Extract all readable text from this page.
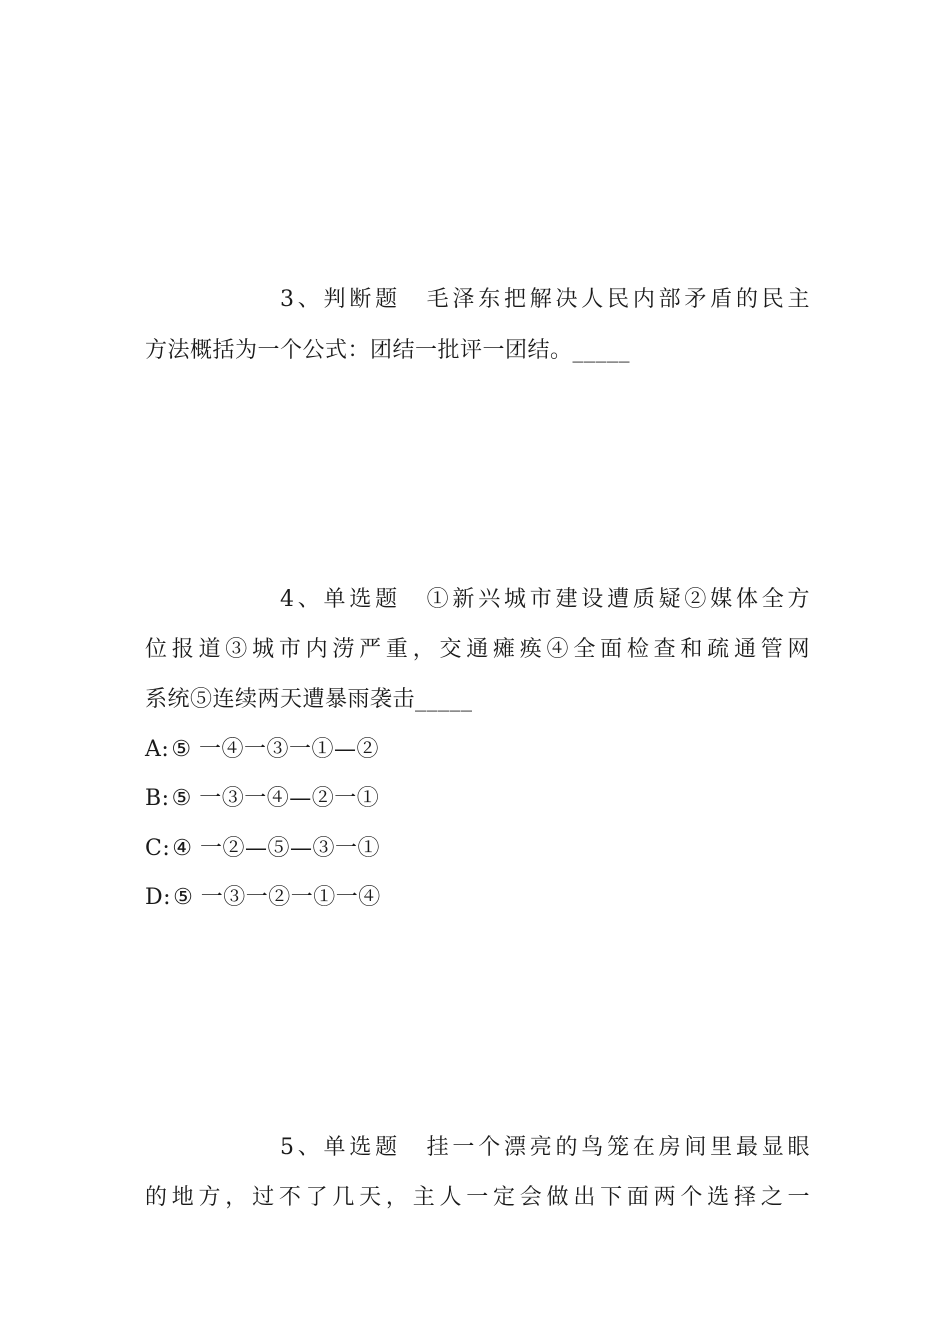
3、判断题　毛泽东把解决人民内部矛盾的民主
方法概括为一个公式：团结一批评一团结。_____
4、单选题　①新兴城市建设遭质疑②媒体全方
位报道③城市内涝严重，交通瘫痪④全面检查和疏通管网
系统⑤连续两天遭暴雨袭击_____
A:⑤ 一④一③一①—②
B:⑤ 一③一④—②一①
C:④ 一②—⑤—③一①
D:⑤ 一③一②一①一④
5、单选题　挂一个漂亮的鸟笼在房间里最显眼
的地方，过不了几天，主人一定会做出下面两个选择之一
